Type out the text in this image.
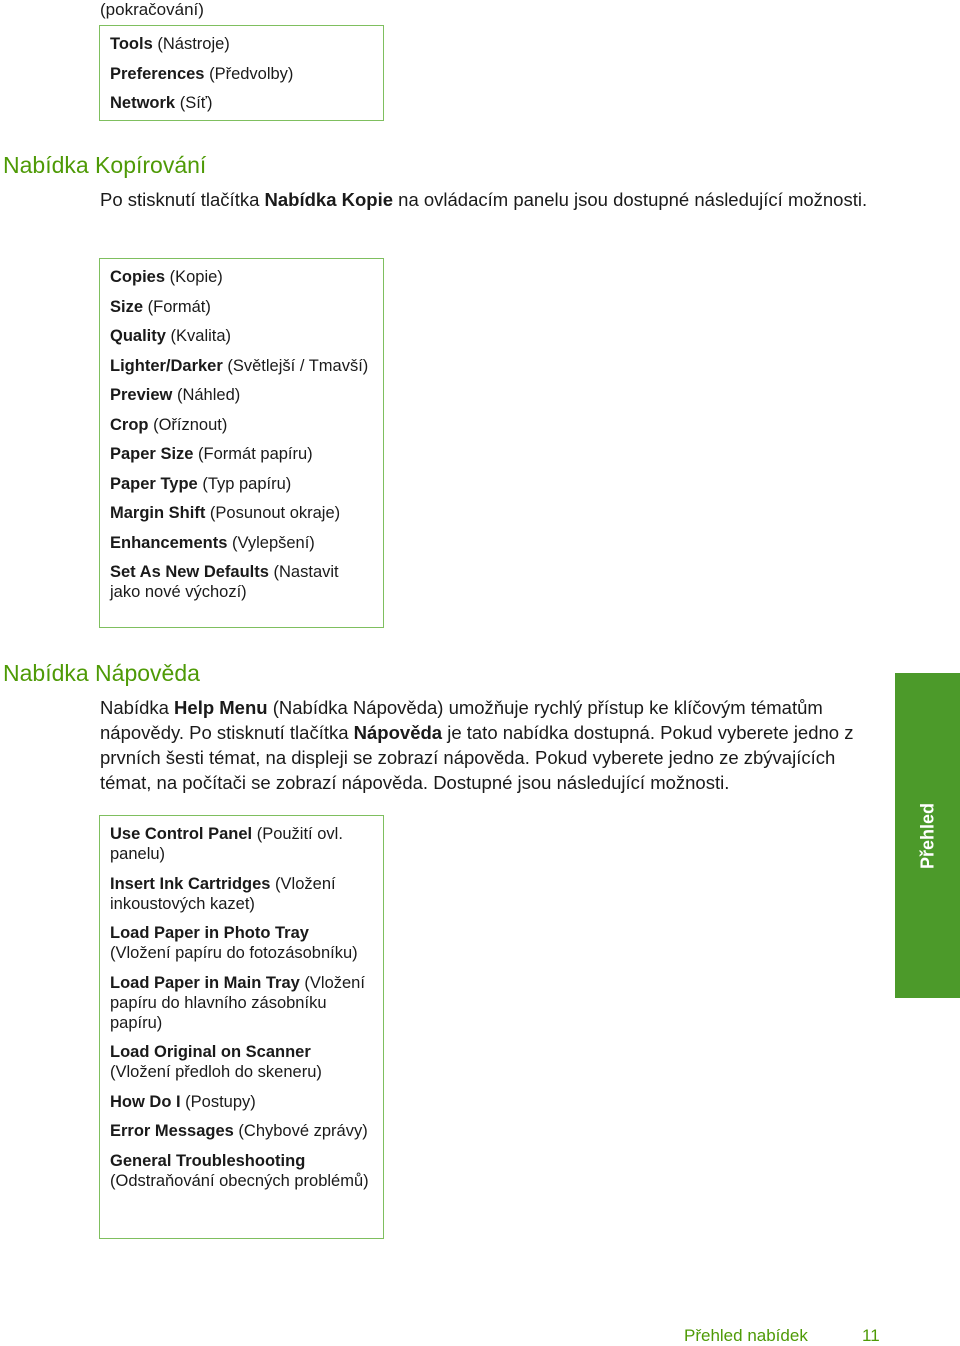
(pokračování)
Tools (Nástroje)
Preferences (Předvolby)
Network (Síť)
Nabídka Kopírování

Po stisknutí tlačítka Nabídka Kopie na ovládacím panelu jsou dostupné následující možnosti.

Copies (Kopie)
Size (Formát)
Quality (Kvalita)
Lighter/Darker (Světlejší / Tmavší)
Preview (Náhled)
Crop (Oříznout)
Paper Size (Formát papíru)
Paper Type (Typ papíru)
Margin Shift (Posunout okraje)
Enhancements (Vylepšení)
Set As New Defaults (Nastavit jako nové výchozí)
Nabídka Nápověda

Nabídka Help Menu (Nabídka Nápověda) umožňuje rychlý přístup ke klíčovým tématům nápovědy. Po stisknutí tlačítka Nápověda je tato nabídka dostupná. Pokud vyberete jedno z prvních šesti témat, na displeji se zobrazí nápověda. Pokud vyberete jedno ze zbývajících témat, na počítači se zobrazí nápověda. Dostupné jsou následující možnosti.

Use Control Panel (Použití ovl. panelu)
Insert Ink Cartridges (Vložení inkoustových kazet)
Load Paper in Photo Tray (Vložení papíru do fotozásobníku)
Load Paper in Main Tray (Vložení papíru do hlavního zásobníku papíru)
Load Original on Scanner (Vložení předloh do skeneru)
How Do I (Postupy)
Error Messages (Chybové zprávy)
General Troubleshooting (Odstraňování obecných problémů)
Přehled
Přehled nabídek	11
